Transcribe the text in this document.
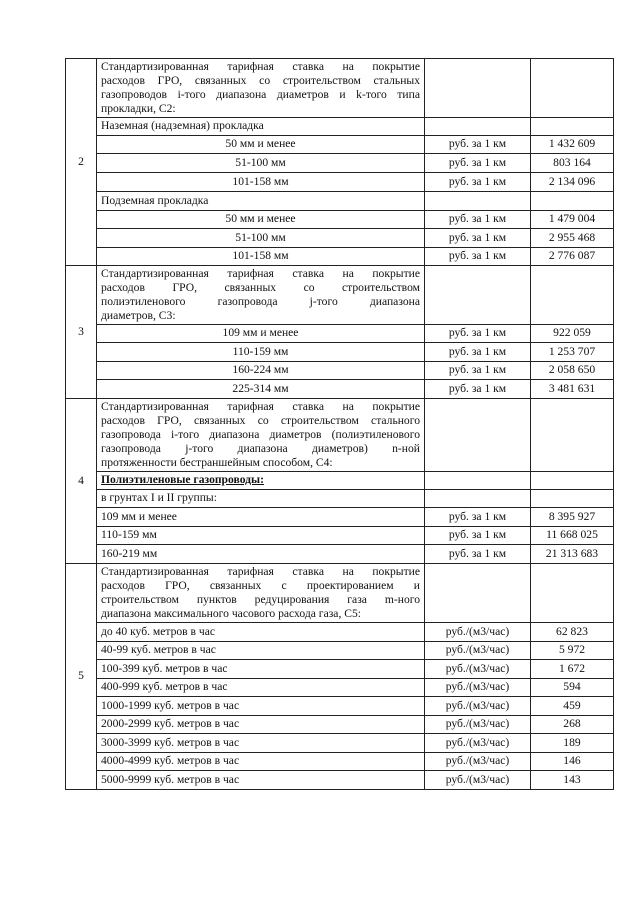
2	Стандартизированная тарифная ставка на покрытие
расходов ГРО, связанных со строительством стальных
газопроводов i-того диапазона диаметров и k-того типа
прокладки, С2:		

	Наземная (надземная) прокладка		
	50 мм и менее	руб. за 1 км	1 432 609
	51-100 мм	руб. за 1 км	803 164
	101-158 мм	руб. за 1 км	2 134 096
	Подземная прокладка		
	50 мм и менее	руб. за 1 км	1 479 004
	51-100 мм	руб. за 1 км	2 955 468
	101-158 мм	руб. за 1 км	2 776 087
3	Стандартизированная тарифная ставка на покрытие
расходов ГРО, связанных со строительством
полиэтиленового газопровода j-того диапазона
диаметров, С3:		

	109 мм и менее	руб. за 1 км	922 059
	110-159 мм	руб. за 1 км	1 253 707
	160-224 мм	руб. за 1 км	2 058 650
	225-314 мм	руб. за 1 км	3 481 631
4	Стандартизированная тарифная ставка на покрытие
расходов ГРО, связанных со строительством стального
газопровода i-того диапазона диаметров (полиэтиленового
газопровода j-того диапазона диаметров) n-ной
протяженности бестраншейным способом, С4:		

	Полиэтиленовые газопроводы:		
	в грунтах I и II группы:		
	109 мм и менее	руб. за 1 км	8 395 927
	110-159 мм	руб. за 1 км	11 668 025
	160-219 мм	руб. за 1 км	21 313 683
5	Стандартизированная тарифная ставка на покрытие
расходов ГРО, связанных с проектированием и
строительством пунктов редуцирования газа m-ного
диапазона максимального часового расхода газа, С5:		

	до 40 куб. метров в час	руб./(м3/час)	62 823
	40-99 куб. метров в час	руб./(м3/час)	5 972
	100-399 куб. метров в час	руб./(м3/час)	1 672
	400-999 куб. метров в час	руб./(м3/час)	594
	1000-1999 куб. метров в час	руб./(м3/час)	459
	2000-2999 куб. метров в час	руб./(м3/час)	268
	3000-3999 куб. метров в час	руб./(м3/час)	189
	4000-4999 куб. метров в час	руб./(м3/час)	146
	5000-9999 куб. метров в час	руб./(м3/час)	143
